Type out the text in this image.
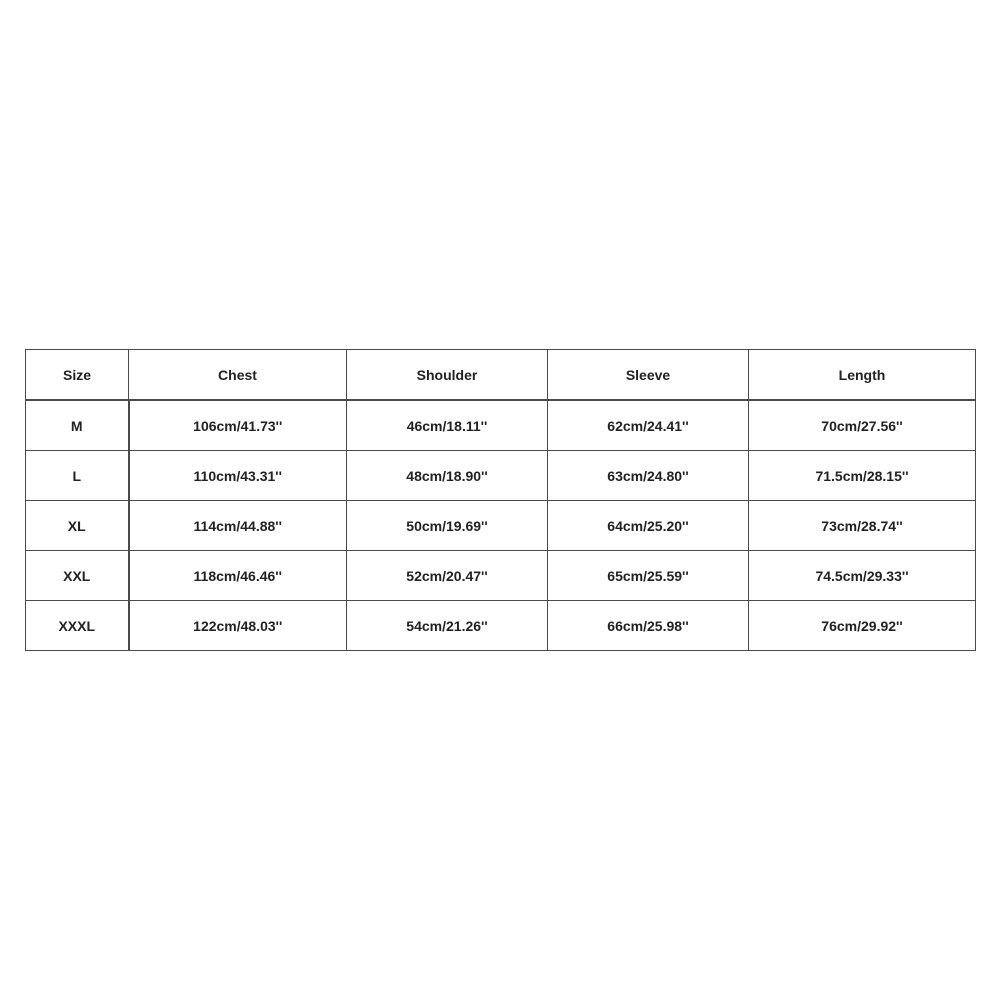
Size	Chest	Shoulder	Sleeve	Length
M	106cm/41.73''	46cm/18.11''	62cm/24.41''	70cm/27.56''
L	110cm/43.31''	48cm/18.90''	63cm/24.80''	71.5cm/28.15''
XL	114cm/44.88''	50cm/19.69''	64cm/25.20''	73cm/28.74''
XXL	118cm/46.46''	52cm/20.47''	65cm/25.59''	74.5cm/29.33''
XXXL	122cm/48.03''	54cm/21.26''	66cm/25.98''	76cm/29.92''
